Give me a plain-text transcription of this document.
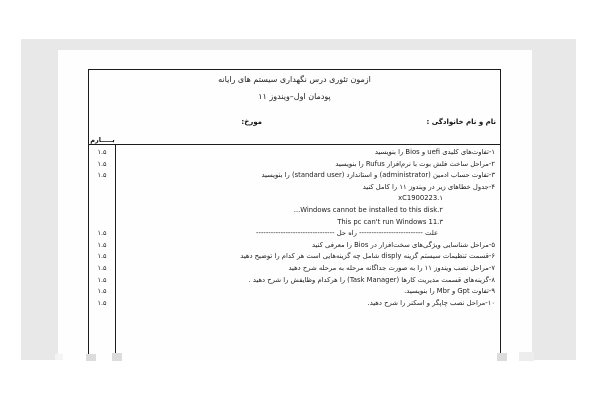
ازمون تئوری درس نگهداری سیستم های رایانه
پودمان اول–ویندوز ۱۱
نام و نام خانوادگی :
مورخ:
بـــــارم
۱.۵
۱.۵
۱.۵
۱.۵
۱.۵
۱.۵
۱.۵
۱.۵
۱.۵
۱.۵
۱-تفاوت‌های کلیدی uefi و Bios را بنویسید
۲-مراحل ساخت فلش بوت با نرم‌افزار Rufus را بنویسید
۳-تفاوت حساب ادمین (administrator) و استاندارد (standard user) را بنویسید
۴-جدول خطاهای زیر در ویندوز ۱۱ را کامل کنید
۱.xC1900223
۲.Windows cannot be installed to this disk...
۳.This pc can't run Windows 11
علت -------------------------- راه حل --------------------------------
۵-مراحل شناسایی ویژگی‌های سخت‌افزار در Bios را معرفی کنید
۶-قسمت تنظیمات سیستم گزینه disply شامل چه گزینه‌هایی است هر کدام را توضیح دهید
۷-مراحل نصب ویندوز ۱۱ را به صورت جداگانه مرحله به مرحله شرح دهید
۸-گزینه‌های قسمت مدیریت کارها (Task Manager) را هرکدام وظایفش را شرح دهید .
۹-تفاوت Gpt و Mbr را بنویسید.
۱۰-مراحل نصب چاپگر و اسکنر را شرح دهید.
